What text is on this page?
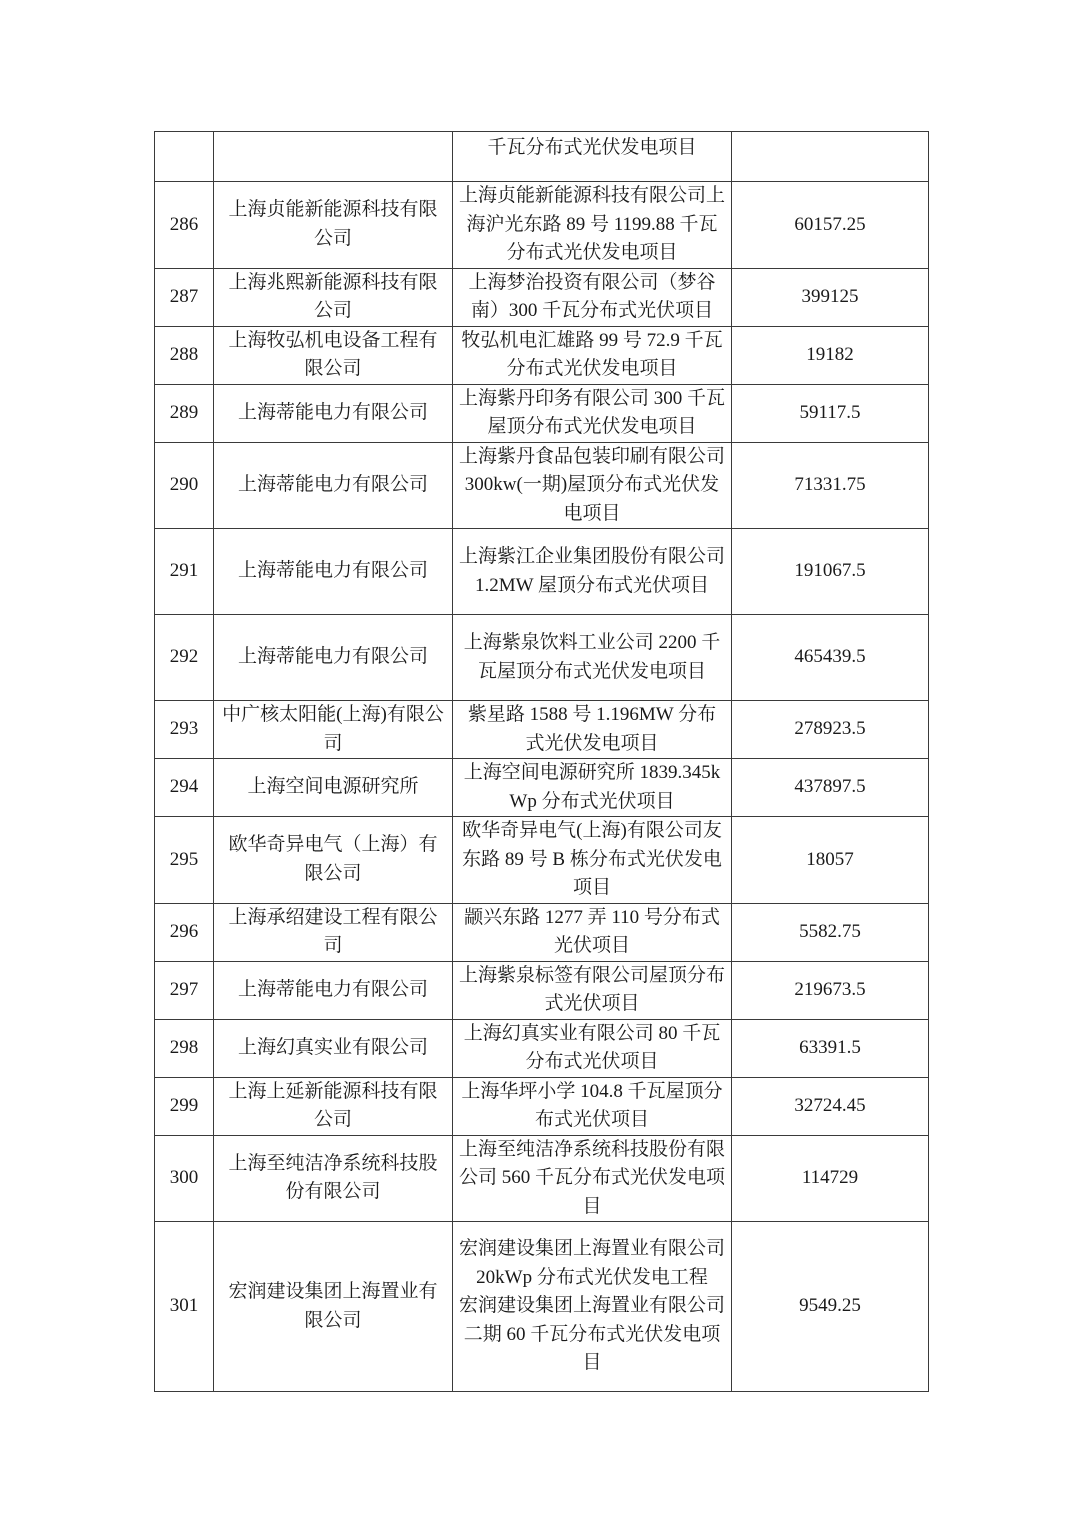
		千瓦分布式光伏发电项目	

286	上海贞能新能源科技有限公司	上海贞能新能源科技有限公司上海沪光东路 89 号 1199.88 千瓦分布式光伏发电项目	60157.25
287	上海兆熙新能源科技有限公司	上海梦治投资有限公司（梦谷南）300 千瓦分布式光伏项目	399125
288	上海牧弘机电设备工程有限公司	牧弘机电汇雄路 99 号 72.9 千瓦分布式光伏发电项目	19182
289	上海蒂能电力有限公司	上海紫丹印务有限公司 300 千瓦屋顶分布式光伏发电项目	59117.5
290	上海蒂能电力有限公司	上海紫丹食品包装印刷有限公司 300kw(一期)屋顶分布式光伏发电项目	71331.75
291	上海蒂能电力有限公司	上海紫江企业集团股份有限公司 1.2MW 屋顶分布式光伏项目	191067.5
292	上海蒂能电力有限公司	上海紫泉饮料工业公司 2200 千瓦屋顶分布式光伏发电项目	465439.5
293	中广核太阳能(上海)有限公司	紫星路 1588 号 1.196MW 分布式光伏发电项目	278923.5
294	上海空间电源研究所	上海空间电源研究所 1839.345kWp 分布式光伏项目	437897.5
295	欧华奇异电气（上海）有限公司	欧华奇异电气(上海)有限公司友东路 89 号 B 栋分布式光伏发电项目	18057
296	上海承绍建设工程有限公司	颛兴东路 1277 弄 110 号分布式光伏项目	5582.75
297	上海蒂能电力有限公司	上海紫泉标签有限公司屋顶分布式光伏项目	219673.5
298	上海幻真实业有限公司	上海幻真实业有限公司 80 千瓦分布式光伏项目	63391.5
299	上海上延新能源科技有限公司	上海华坪小学 104.8 千瓦屋顶分布式光伏项目	32724.45
300	上海至纯洁净系统科技股份有限公司	上海至纯洁净系统科技股份有限公司 560 千瓦分布式光伏发电项目	114729
301	宏润建设集团上海置业有限公司	宏润建设集团上海置业有限公司 20kWp 分布式光伏发电工程
宏润建设集团上海置业有限公司二期 60 千瓦分布式光伏发电项目	9549.25
